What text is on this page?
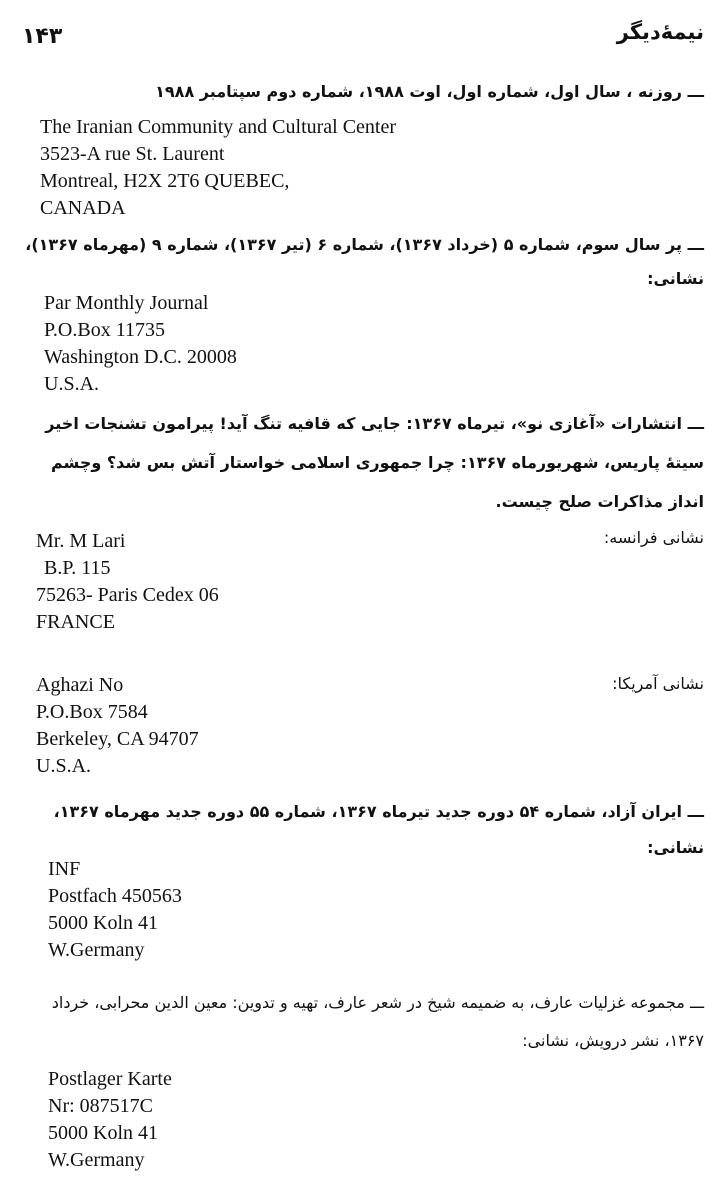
۱۴۳	نیمهٔ‌دیگر
ـــ روزنه ، سال اول، شماره اول، اوت ۱۹۸۸، شماره دوم سپتامبر ۱۹۸۸
The Iranian Community and Cultural Center
3523-A rue St. Laurent
Montreal, H2X 2T6 QUEBEC,
CANADA
ـــ پر سال سوم، شماره ۵ (خرداد ۱۳۶۷)، شماره ۶ (تیر ۱۳۶۷)، شماره ۹ (مهرماه ۱۳۶۷)، نشانی:
Par Monthly Journal
P.O.Box 11735
Washington D.C. 20008
U.S.A.
ـــ انتشارات «آغازی نو»، تیرماه ۱۳۶۷: جایی که قافیه تنگ آید! پیرامون تشنجات اخیر سیتهٔ پاریس، شهریورماه ۱۳۶۷: چرا جمهوری اسلامی خواستار آتش بس شد؟ وچشم انداز مذاکرات صلح چیست.
نشانی فرانسه:
Mr. M Lari
B.P. 115
75263- Paris Cedex 06
FRANCE
نشانی آمریکا:
Aghazi No
P.O.Box 7584
Berkeley, CA 94707
U.S.A.
ـــ ایران آزاد، شماره ۵۴ دوره جدید تیرماه ۱۳۶۷، شماره ۵۵ دوره جدید مهرماه ۱۳۶۷، نشانی:
INF
Postfach 450563
5000 Koln 41
W.Germany
ـــ مجموعه غزلیات عارف، به ضمیمه شیخ در شعر عارف، تهیه و تدوین: معین الدین محرابی، خرداد ۱۳۶۷، نشر درویش، نشانی:
Postlager Karte
Nr: 087517C
5000 Koln 41
W.Germany
